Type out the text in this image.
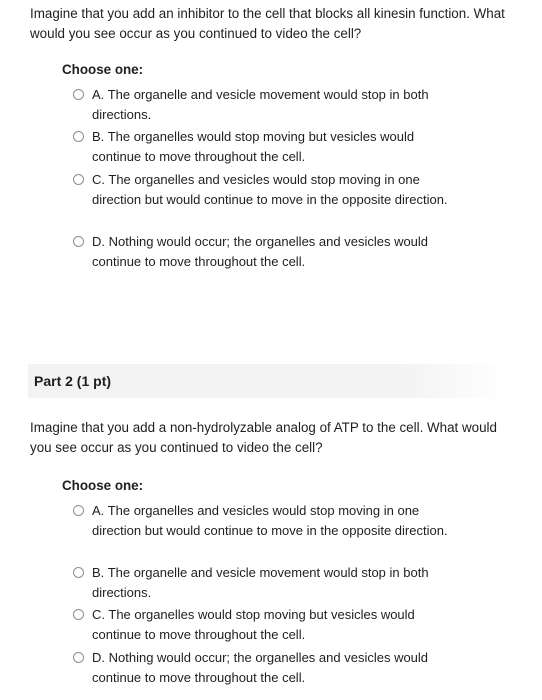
Imagine that you add an inhibitor to the cell that blocks all kinesin function. What would you see occur as you continued to video the cell?
Choose one:
A. The organelle and vesicle movement would stop in both directions.
B. The organelles would stop moving but vesicles would continue to move throughout the cell.
C. The organelles and vesicles would stop moving in one direction but would continue to move in the opposite direction.
D. Nothing would occur; the organelles and vesicles would continue to move throughout the cell.
Part 2 (1 pt)
Imagine that you add a non-hydrolyzable analog of ATP to the cell. What would you see occur as you continued to video the cell?
Choose one:
A. The organelles and vesicles would stop moving in one direction but would continue to move in the opposite direction.
B. The organelle and vesicle movement would stop in both directions.
C. The organelles would stop moving but vesicles would continue to move throughout the cell.
D. Nothing would occur; the organelles and vesicles would continue to move throughout the cell.
